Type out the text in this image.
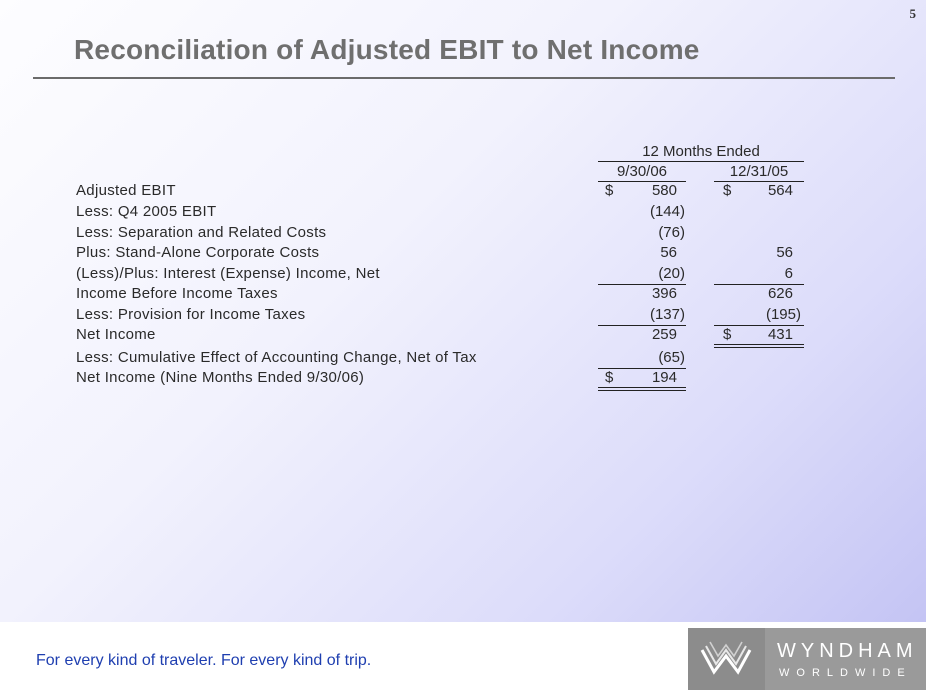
5
Reconciliation of Adjusted EBIT to Net Income
12 Months Ended
9/30/06	12/31/05
Adjusted EBIT	$	580	$	564
Less: Q4 2005 EBIT	(144)
Less: Separation and Related Costs	(76)
Plus: Stand-Alone Corporate Costs	56	56
(Less)/Plus: Interest (Expense) Income, Net	(20)	6
Income Before Income Taxes	396	626
Less: Provision for Income Taxes	(137)	(195)
Net Income	259	$	431
Less: Cumulative Effect of Accounting Change, Net of Tax	(65)
Net Income (Nine Months Ended 9/30/06)	$	194
For every kind of traveler. For every kind of trip.	WYNDHAM
WORLDWIDE
